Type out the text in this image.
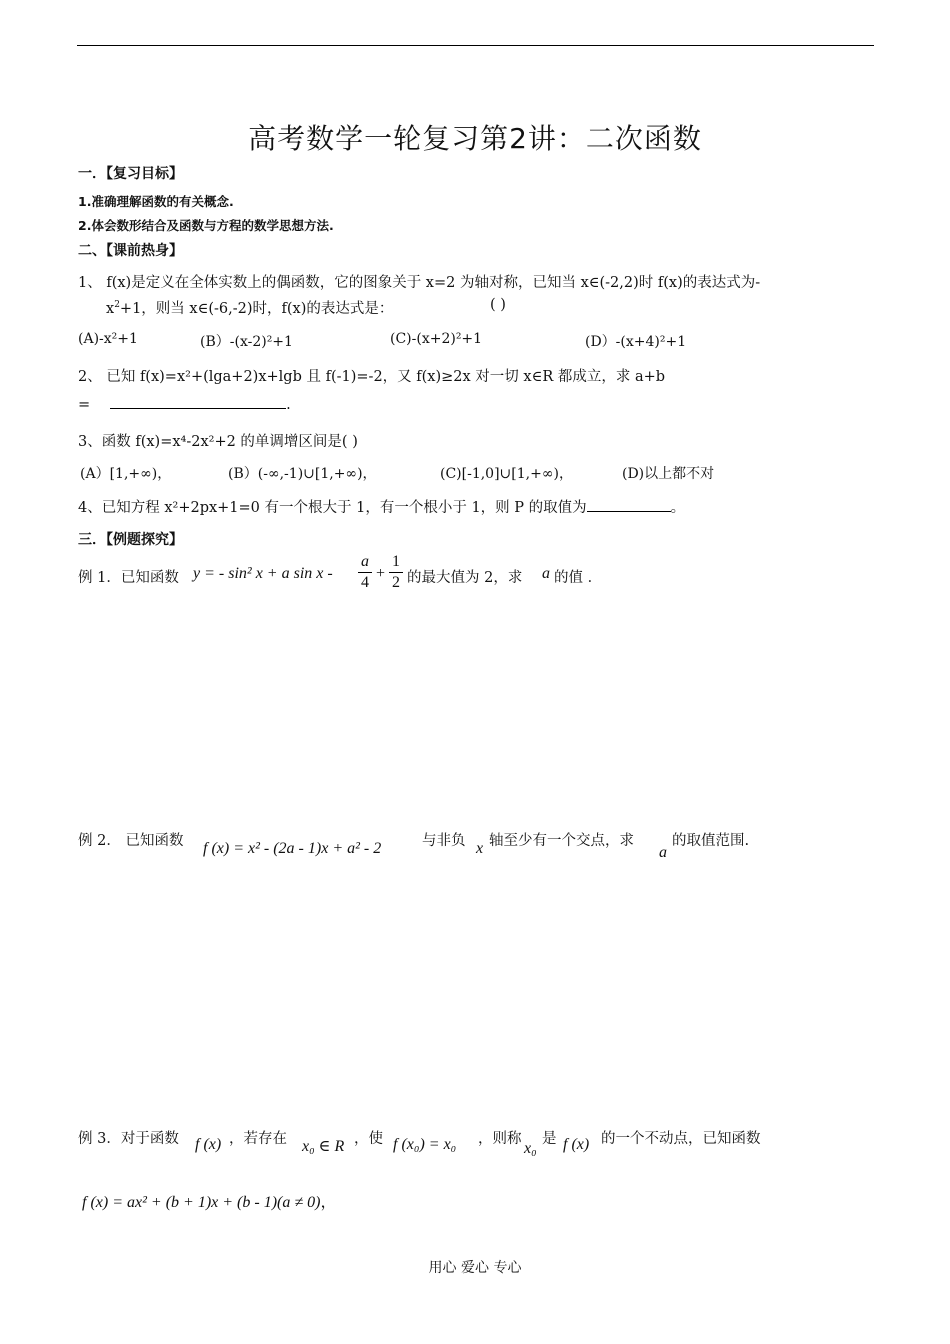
高考数学一轮复习第2讲：二次函数
一．【复习目标】
1.准确理解函数的有关概念.
2.体会数形结合及函数与方程的数学思想方法.
二、【课前热身】
1、 f(x)是定义在全体实数上的偶函数，它的图象关于 x=2 为轴对称，已知当 x∈(-2,2)时 f(x)的表达式为-
$x^2+1$，则当 x∈(-6,-2)时，f(x)的表达式是：	( )
(A)-x²+1	(B）-(x-2)²+1	(C)-(x+2)²+1	(D）-(x+4)²+1
2、 已知 f(x)=x²+(lga+2)x+lgb 且 f(-1)=-2，又 f(x)≥2x 对一切 x∈R 都成立，求 a+b
=	.
3、函数 f(x)=x⁴-2x²+2 的单调增区间是( )
(A）[1,+∞)，	(B）(-∞,-1)∪[1,+∞)，	(C)[-1,0]∪[1,+∞)，	(D)以上都不对
4、已知方程 x²+2px+1=0 有一个根大于 1，有一个根小于 1，则 P 的取值为	。
三．【例题探究】
例 1．已知函数 y = - sin² x + a sin x -
a
4
+
1
2 的最大值为 2，求 a 的值 ．
例 2． 已知函数 f (x) = x² - (2a - 1)x + a² - 2	与非负 x 轴至少有一个交点，求
a
的取值范围.
例 3．对于函数 f (x) ，若存在 x₀ ∈ R ，使 f (x₀) = x₀ ，则称
x₀
是 f (x) 的一个不动点，已知函数
f (x) = ax² + (b + 1)x + (b - 1)(a ≠ 0)，
用心 爱心 专心
